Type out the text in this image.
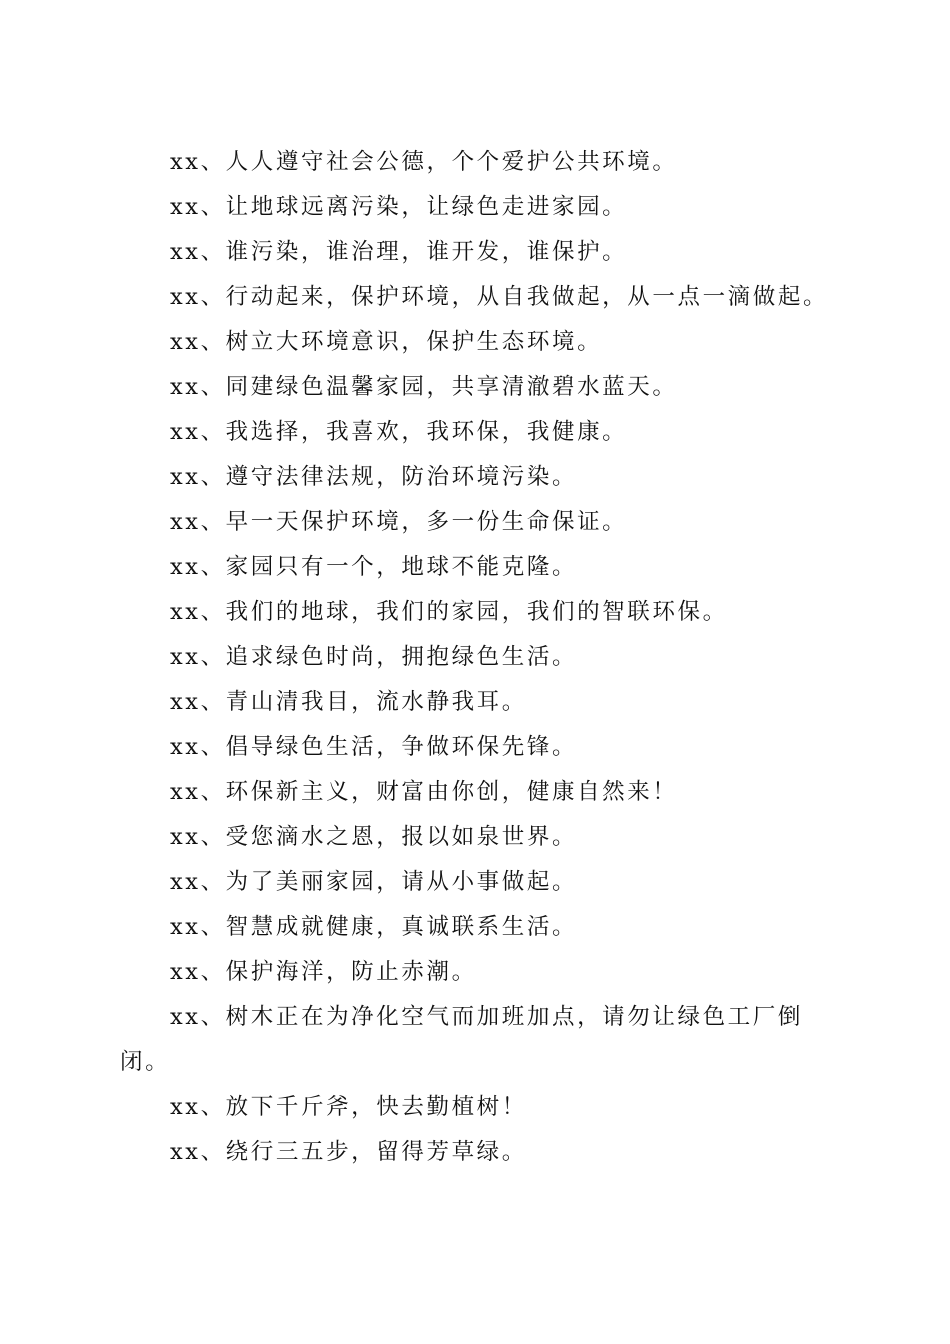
xx、人人遵守社会公德，个个爱护公共环境。

xx、让地球远离污染，让绿色走进家园。

xx、谁污染，谁治理，谁开发，谁保护。

xx、行动起来，保护环境，从自我做起，从一点一滴做起。

xx、树立大环境意识，保护生态环境。

xx、同建绿色温馨家园，共享清澈碧水蓝天。

xx、我选择，我喜欢，我环保，我健康。

xx、遵守法律法规，防治环境污染。

xx、早一天保护环境，多一份生命保证。

xx、家园只有一个，地球不能克隆。

xx、我们的地球，我们的家园，我们的智联环保。

xx、追求绿色时尚，拥抱绿色生活。

xx、青山清我目，流水静我耳。

xx、倡导绿色生活，争做环保先锋。

xx、环保新主义，财富由你创，健康自然来！

xx、受您滴水之恩，报以如泉世界。

xx、为了美丽家园，请从小事做起。

xx、智慧成就健康，真诚联系生活。

xx、保护海洋，防止赤潮。

xx、树木正在为净化空气而加班加点，请勿让绿色工厂倒闭。

xx、放下千斤斧，快去勤植树！

xx、绕行三五步，留得芳草绿。
